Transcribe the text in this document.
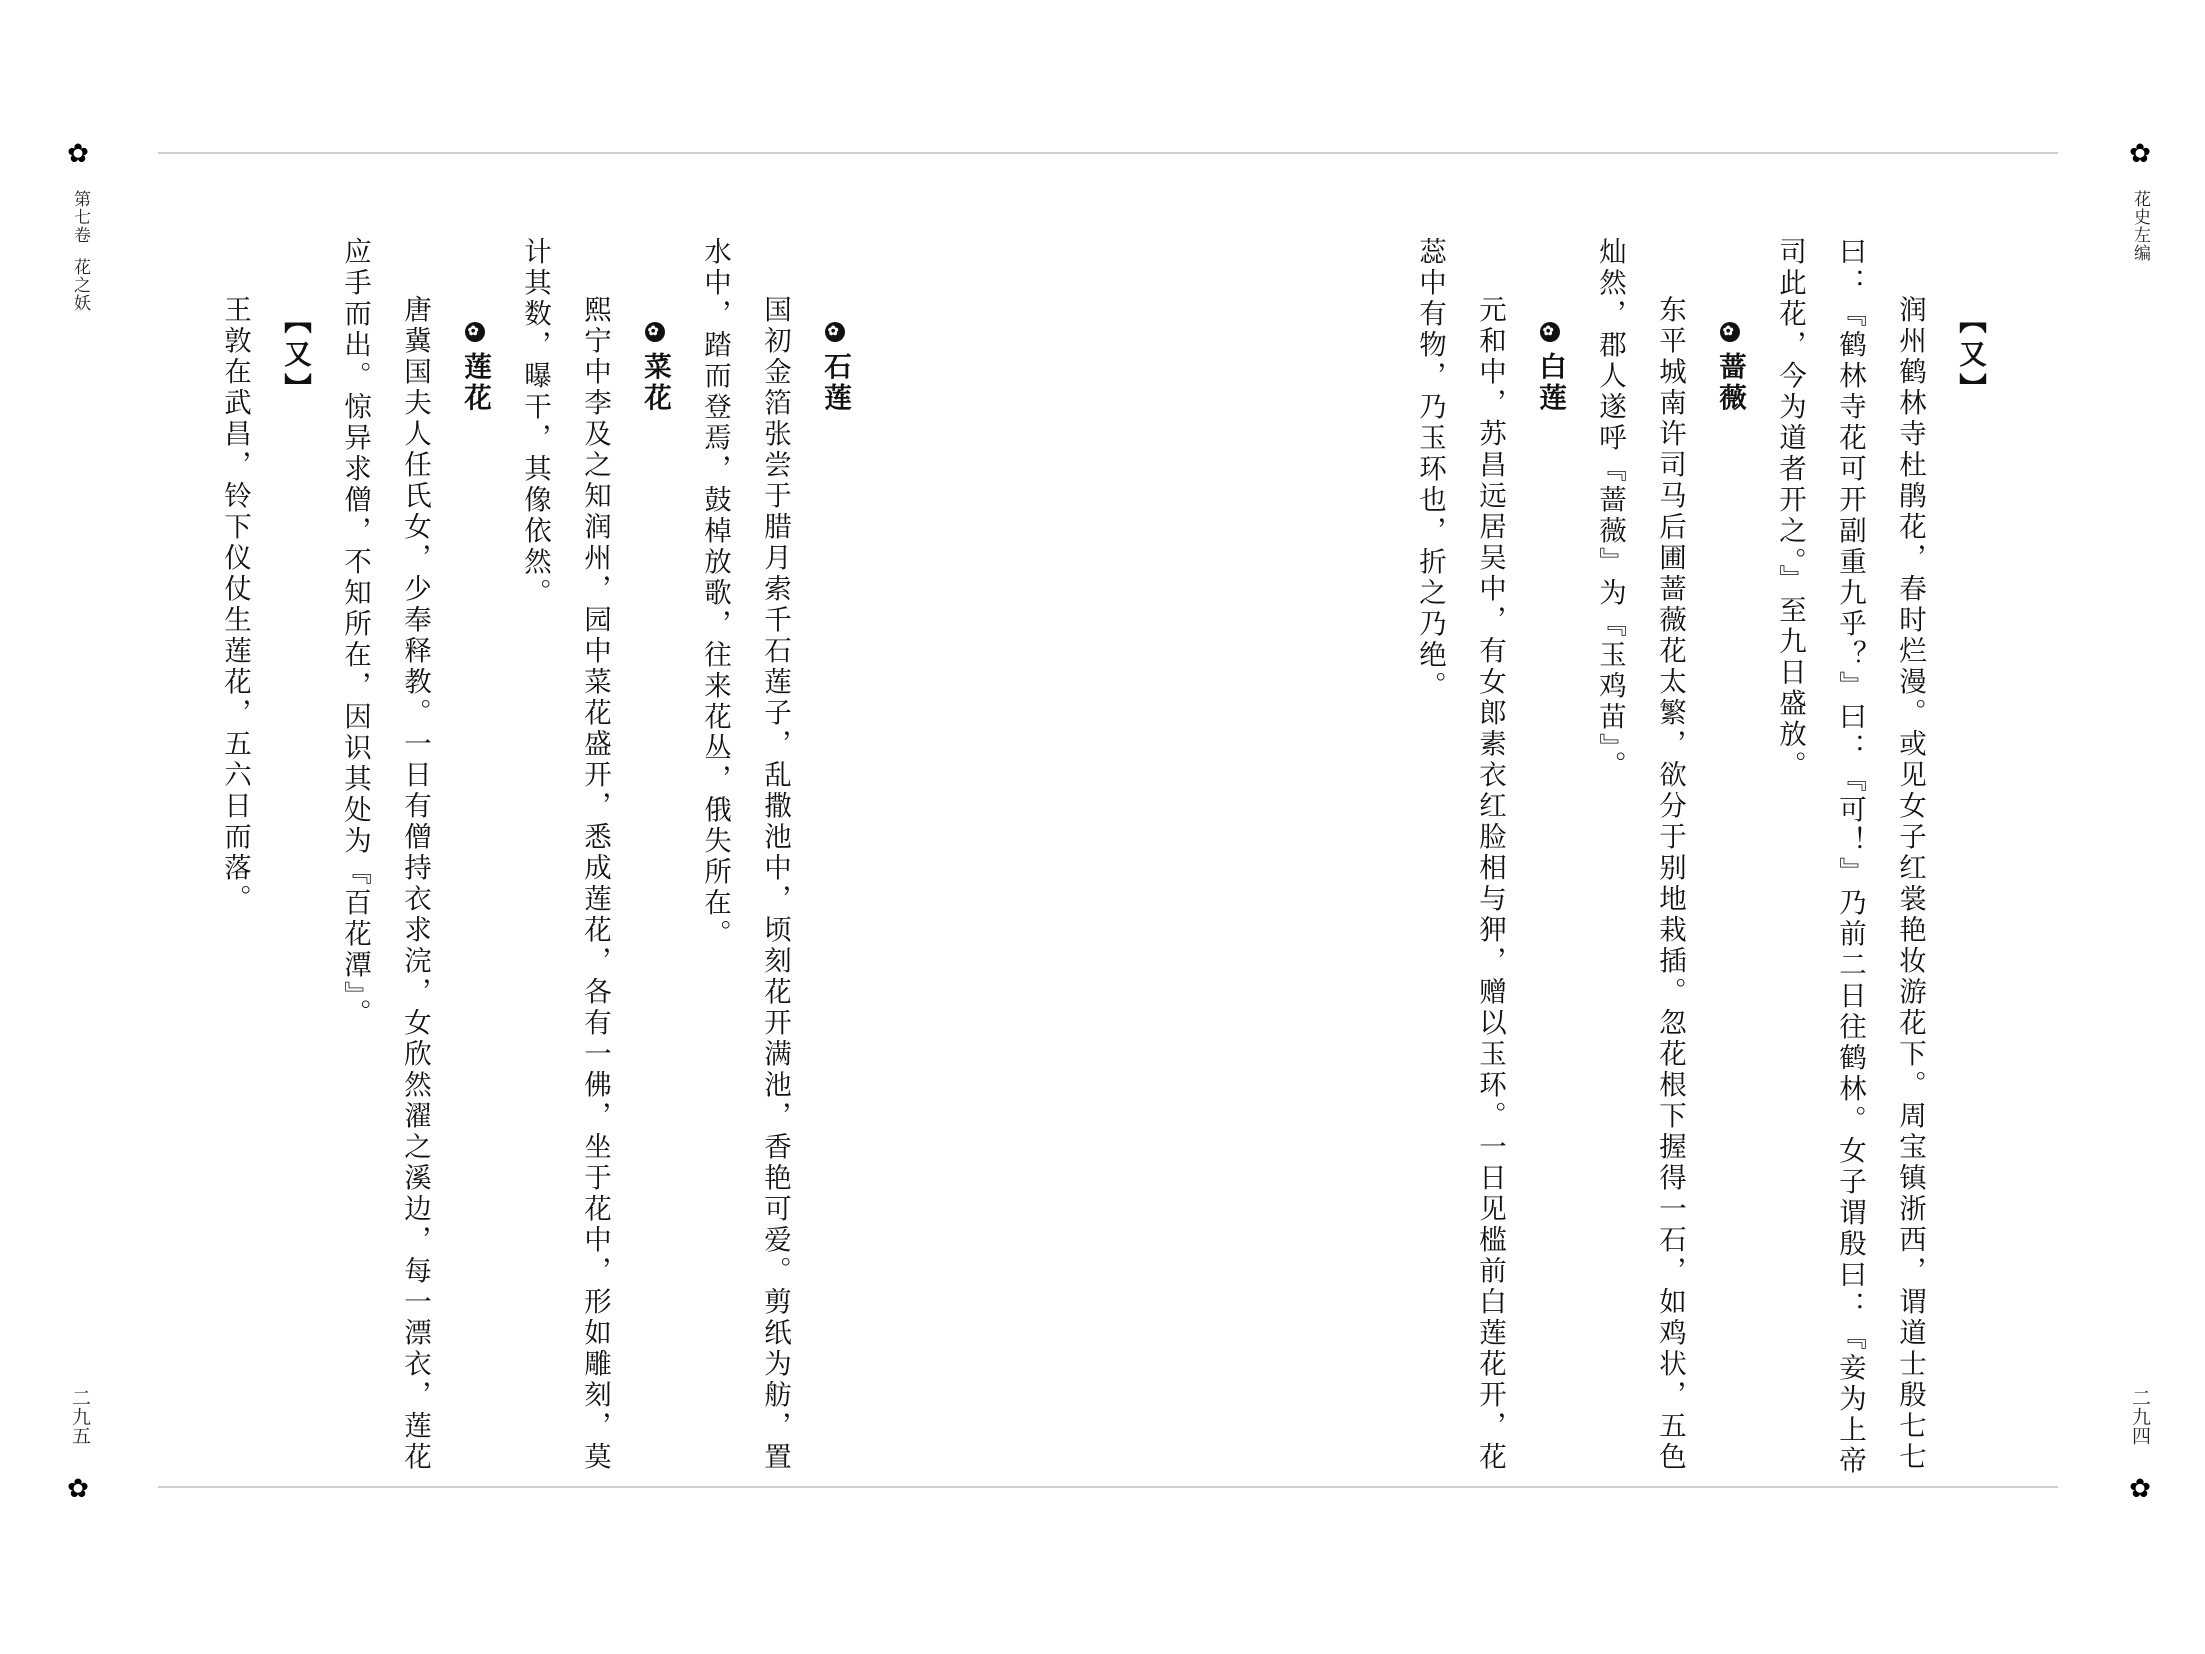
✿	✿
✿	✿
第七卷花之妖
花史左编
二九五	二九四
【又】
润州鹤林寺杜鹃花，春时烂漫。或见女子红裳艳妆游花下。周宝镇浙西，谓道士殷七七
曰：『鹤林寺花可开副重九乎？』曰：『可！』乃前二日往鹤林。女子谓殷曰：『妾为上帝
司此花，今为道者开之。』至九日盛放。
✿蔷薇
东平城南许司马后圃蔷薇花太繁，欲分于别地栽插。忽花根下握得一石，如鸡状，五色
灿然，郡人遂呼『蔷薇』为『玉鸡苗』。
✿白莲
元和中，苏昌远居吴中，有女郎素衣红脸相与狎，赠以玉环。一日见槛前白莲花开，花
蕊中有物，乃玉环也，折之乃绝。
✿石莲
国初金箔张尝于腊月索千石莲子，乱撒池中，顷刻花开满池，香艳可爱。剪纸为舫，置
水中，踏而登焉，鼓棹放歌，往来花丛，俄失所在。
✿菜花
熙宁中李及之知润州，园中菜花盛开，悉成莲花，各有一佛，坐于花中，形如雕刻，莫
计其数，曝干，其像依然。
✿莲花
唐冀国夫人任氏女，少奉释教。一日有僧持衣求浣，女欣然濯之溪边，每一漂衣，莲花
应手而出。惊异求僧，不知所在，因识其处为『百花潭』。
【又】
王敦在武昌，铃下仪仗生莲花，五六日而落。
